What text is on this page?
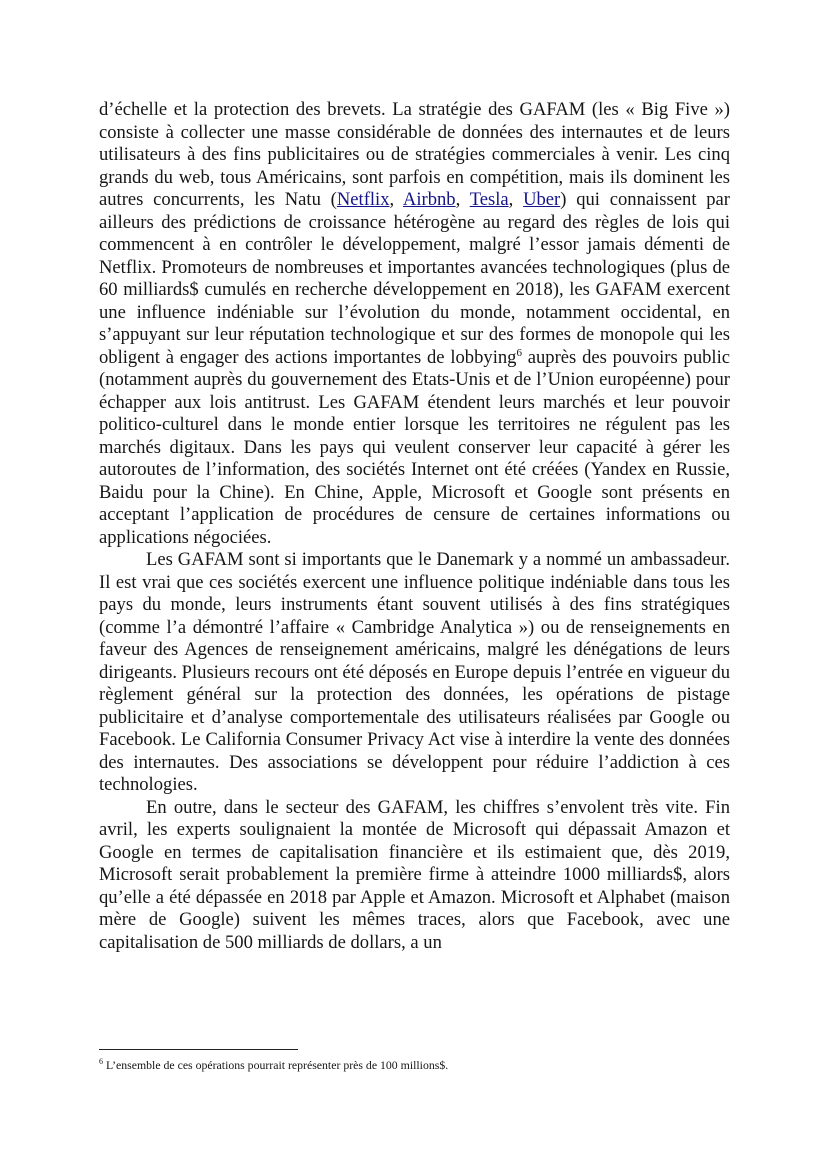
d’échelle et la protection des brevets. La stratégie des GAFAM (les « Big Five ») consiste à collecter une masse considérable de données des internautes et de leurs utilisateurs à des fins publicitaires ou de stratégies commerciales à venir. Les cinq grands du web, tous Américains, sont parfois en compétition, mais ils dominent les autres concurrents, les Natu (Netflix, Airbnb, Tesla, Uber) qui connaissent par ailleurs des prédictions de croissance hétérogène au regard des règles de lois qui commencent à en contrôler le développement, malgré l’essor jamais démenti de Netflix. Promoteurs de nombreuses et importantes avancées technologiques (plus de 60 milliards$ cumulés en recherche développement en 2018), les GAFAM exercent une influence indéniable sur l’évolution du monde, notamment occidental, en s’appuyant sur leur réputation technologique et sur des formes de monopole qui les obligent à engager des actions importantes de lobbying$^6$ auprès des pouvoirs public (notamment auprès du gouvernement des Etats-Unis et de l’Union européenne) pour échapper aux lois antitrust. Les GAFAM étendent leurs marchés et leur pouvoir politico-culturel dans le monde entier lorsque les territoires ne régulent pas les marchés digitaux. Dans les pays qui veulent conserver leur capacité à gérer les autoroutes de l’information, des sociétés Internet ont été créées (Yandex en Russie, Baidu pour la Chine). En Chine, Apple, Microsoft et Google sont présents en acceptant l’application de procédures de censure de certaines informations ou applications négociées.

Les GAFAM sont si importants que le Danemark y a nommé un ambassadeur. Il est vrai que ces sociétés exercent une influence politique indéniable dans tous les pays du monde, leurs instruments étant souvent utilisés à des fins stratégiques (comme l’a démontré l’affaire « Cambridge Analytica ») ou de renseignements en faveur des Agences de renseignement américains, malgré les dénégations de leurs dirigeants. Plusieurs recours ont été déposés en Europe depuis l’entrée en vigueur du règlement général sur la protection des données, les opérations de pistage publicitaire et d’analyse comportementale des utilisateurs réalisées par Google ou Facebook. Le California Consumer Privacy Act vise à interdire la vente des données des internautes. Des associations se développent pour réduire l’addiction à ces technologies.

En outre, dans le secteur des GAFAM, les chiffres s’envolent très vite. Fin avril, les experts soulignaient la montée de Microsoft qui dépassait Amazon et Google en termes de capitalisation financière et ils estimaient que, dès 2019, Microsoft serait probablement la première firme à atteindre 1000 milliards$, alors qu’elle a été dépassée en 2018 par Apple et Amazon. Microsoft et Alphabet (maison mère de Google) suivent les mêmes traces, alors que Facebook, avec une capitalisation de 500 milliards de dollars, a un

$^6$ L’ensemble de ces opérations pourrait représenter près de 100 millions$.
